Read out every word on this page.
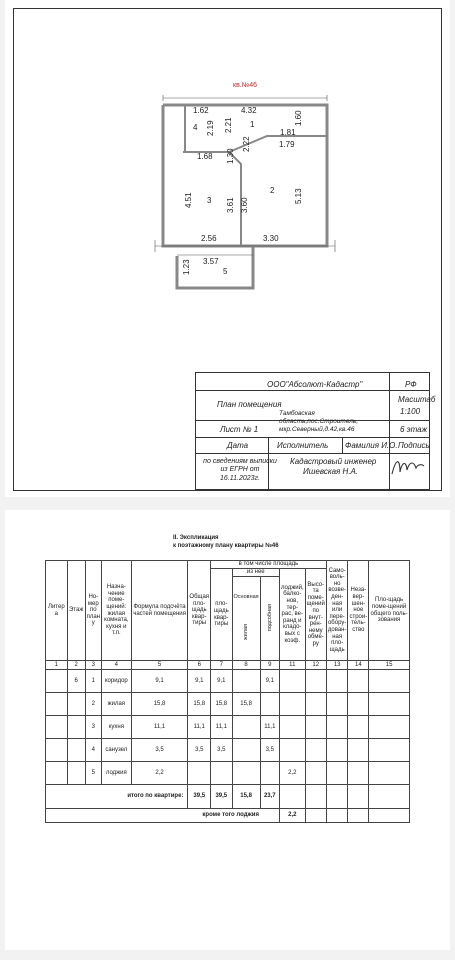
кв.№46
1.62	4.32
1
4 2.19 2.21	1.60
1.81
1.79
2.22
1.30
1.68
4.51 3 3.61 3.60
2 5.13
2.56	3.30
3.57
1.23	5
ООО"Абсолют-Кадастр"	РФ
План помещения
Масштаб
Тамбовская область,пос.Строитель, мкр.Северный,д.42,кв.46
1:100
Лист № 1	6 этаж
Дата	Исполнитель Фамилия И.О. Подпись
по сведениям выписки из ЕГРН от 16.11.2023г.
Кадастровый инженер
Ишевская Н.А.
II. Экспликация
к поэтажному плану квартиры №46
Литер а	Этаж	Но- мер по план у	Назна- чение поме- щений: жилая комната, кухня и т.п.	Формула подсчёта частей помещения	Общая пло- щадь квар- тиры	в том числе площадь					Само- воль- но возве- ден- ная или пере- обору- дован- ная пло- щадь	Неза- вер- шен- ное строи- тель- ство	Пло-щадь поме-щений общего поль-зования
						пло- щадь квар- тиры	из нее		лоджий, балко- нов, тер- рас, ве- ранд и кладо- вых с коэф.	Высо- та поме- щений по внут- рен- нему обме- ру			

							Основная
жилая	подсобная					
1	2	3	4	5	6	7	8	9	11	12	13	14	15
	6	1	коридор	9,1	9,1	9,1		9,1					
		2	жилая	15,8	15,8	15,8	15,8						
		3	кухня	11,1	11,1	11,1		11,1					
		4	санузел	3,5	3,5	3,5		3,5					
		5	лоджия	2,2					2,2				
итого по квартире:					39,5	39,5	15,8	23,7					
кроме того лоджия									2,2				
